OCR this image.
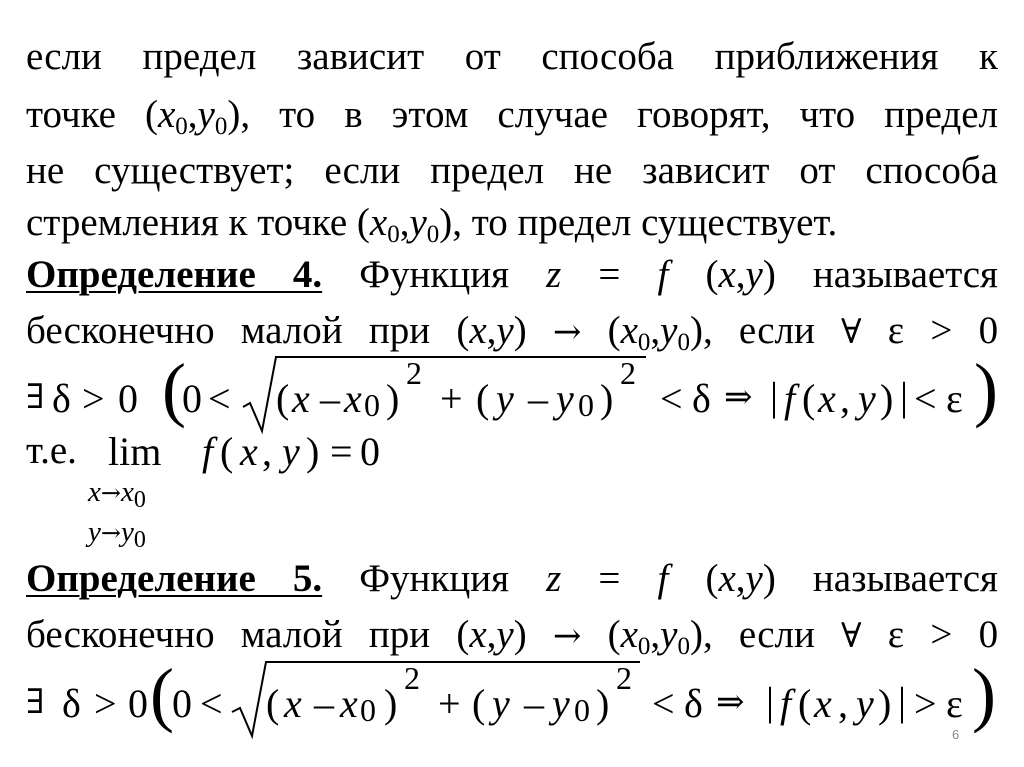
если предел зависит от способа приближения к
точке (x0,y0), то в этом случае говорят, что предел
не существует; если предел не зависит от способа
стремления к точке (x0,y0), то предел существует.
Определение 4. Функция z = f (x,y) называется
бесконечно малой при (x,y) → (x0,y0), если ∀ ε > 0
∃ δ > 0 (
0 < ( x – x 0 )
2
+ ( y – y 0 )
2
< δ ⇒ | f ( x , y ) | < ε )
т.е. lim f ( x , y ) = 0
$x\to x_0$
$y\to y_0$
Определение 5. Функция z = f (x,y) называется
бесконечно малой при (x,y) → (x0,y0), если ∀ ε > 0
∃ δ > 0 (
0 < ( x – x 0 )
2
+ ( y – y 0 )
2
< δ ⇒ | f ( x , y ) | > ε )
6
